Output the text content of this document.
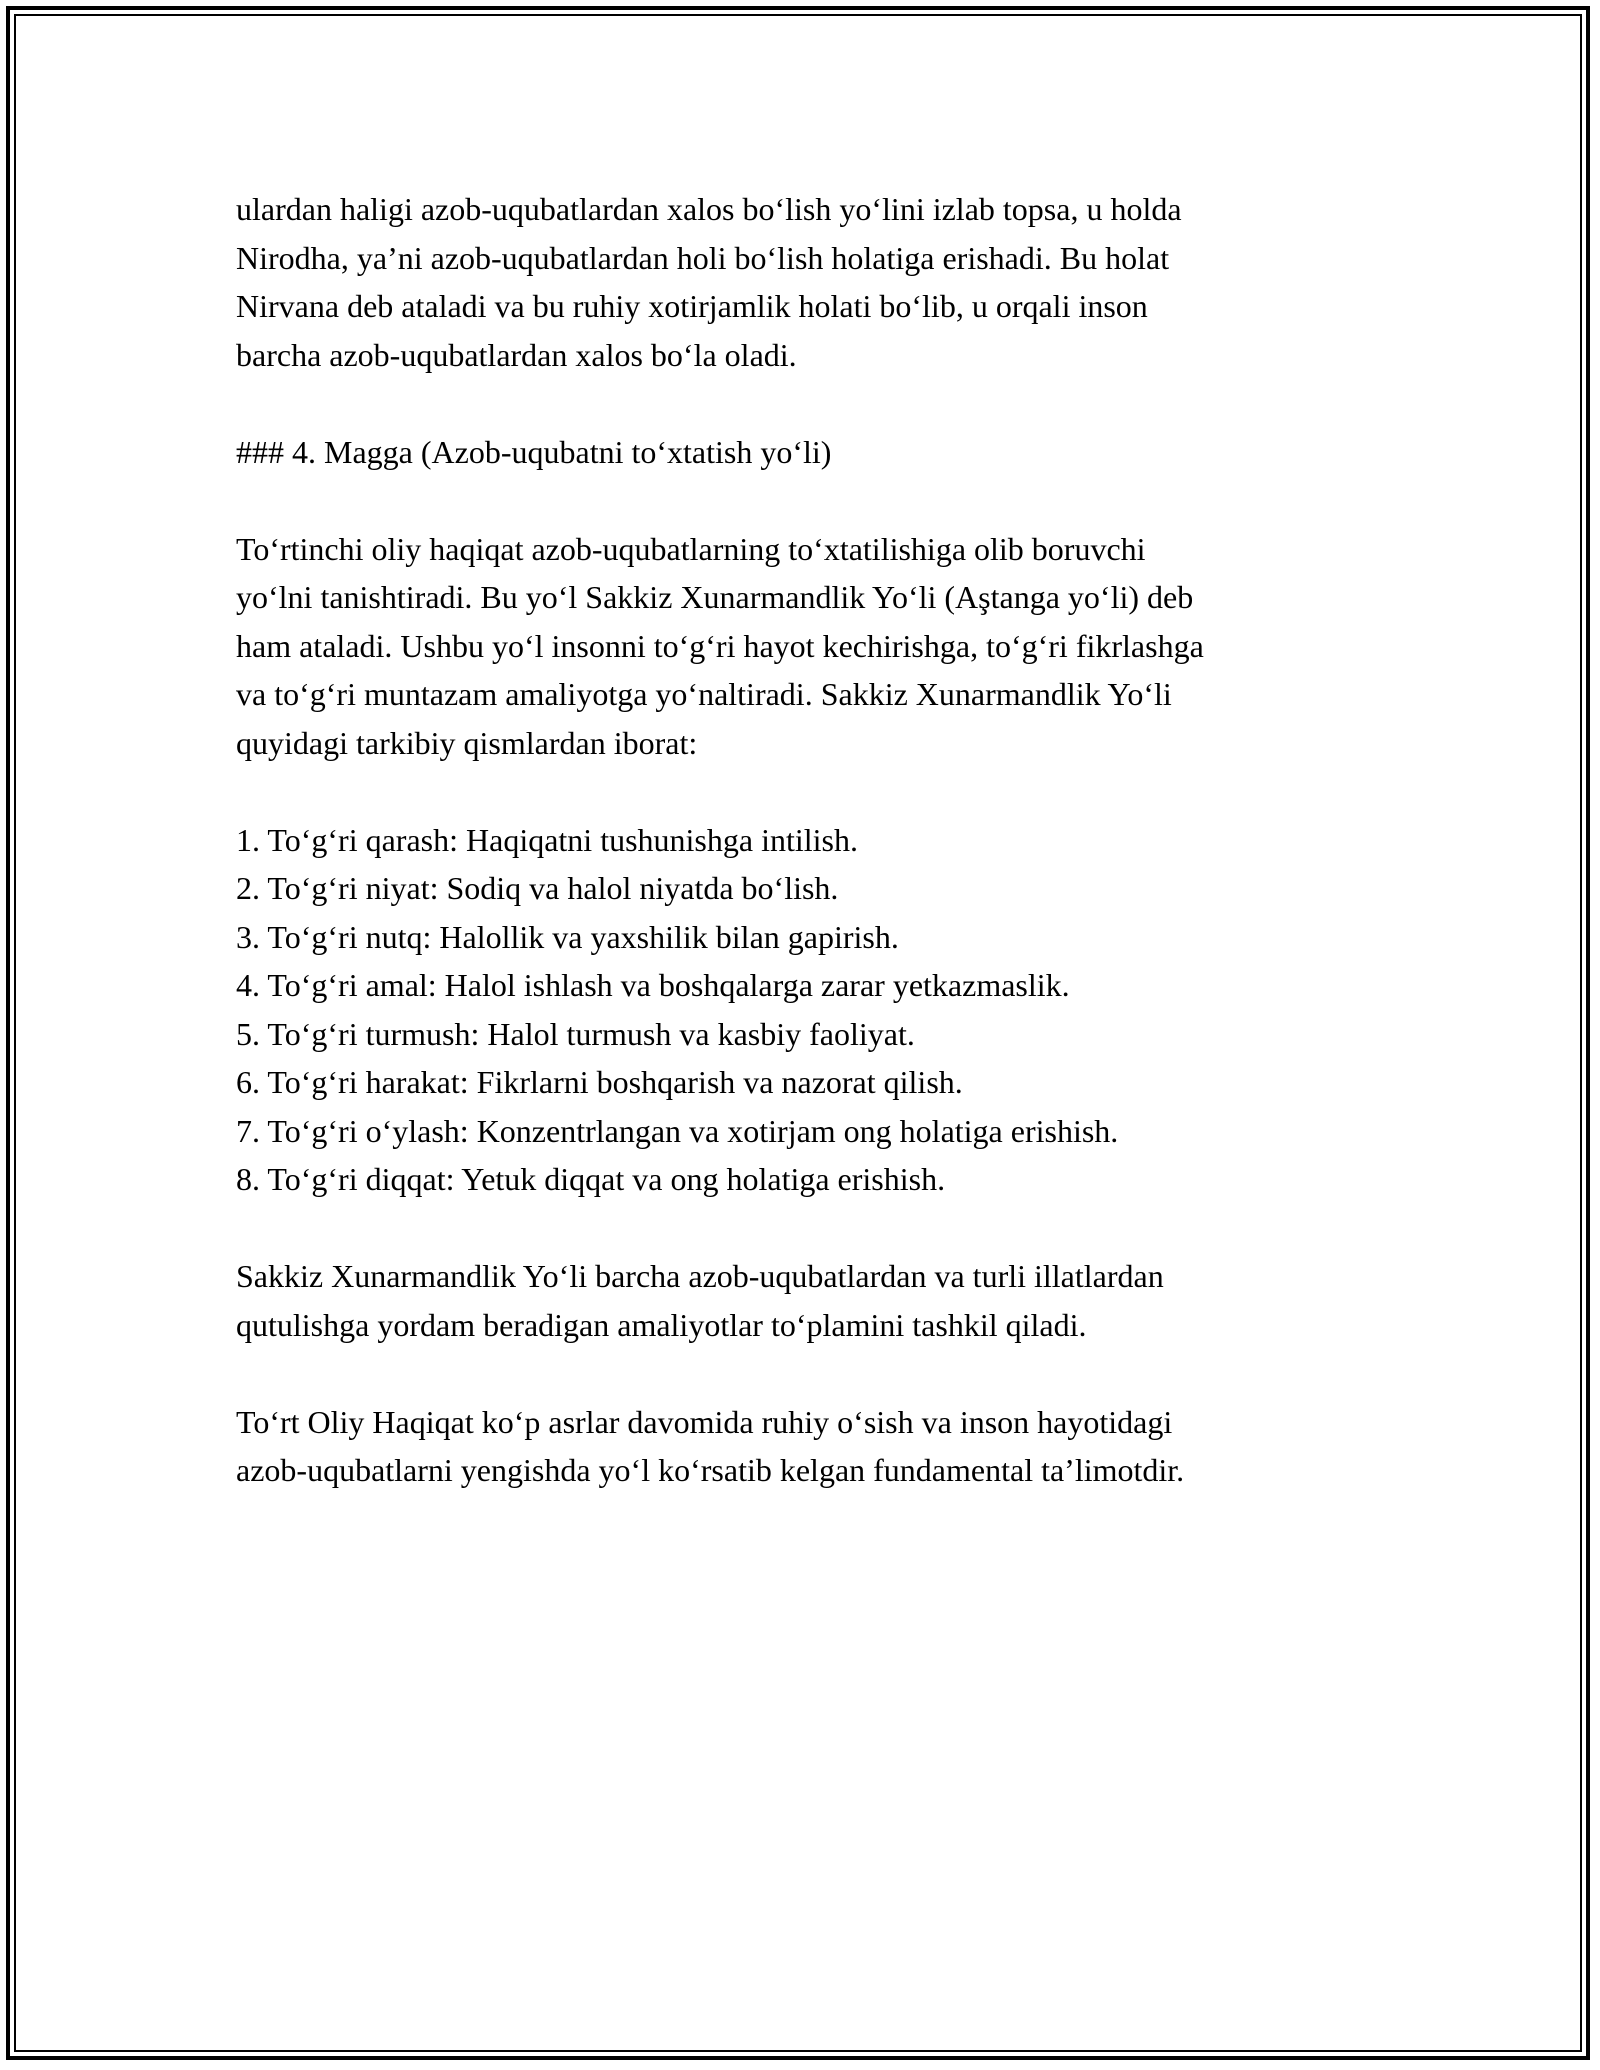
ulardan haligi azob-uqubatlardan xalos bo‘lish yo‘lini izlab topsa, u holda

Nirodha, ya’ni azob-uqubatlardan holi bo‘lish holatiga erishadi. Bu holat

Nirvana deb ataladi va bu ruhiy xotirjamlik holati bo‘lib, u orqali inson

barcha azob-uqubatlardan xalos bo‘la oladi.

### 4. Magga (Azob-uqubatni to‘xtatish yo‘li)

To‘rtinchi oliy haqiqat azob-uqubatlarning to‘xtatilishiga olib boruvchi

yo‘lni tanishtiradi. Bu yo‘l Sakkiz Xunarmandlik Yo‘li (Aştanga yo‘li) deb

ham ataladi. Ushbu yo‘l insonni to‘g‘ri hayot kechirishga, to‘g‘ri fikrlashga

va to‘g‘ri muntazam amaliyotga yo‘naltiradi. Sakkiz Xunarmandlik Yo‘li

quyidagi tarkibiy qismlardan iborat:

1. To‘g‘ri qarash: Haqiqatni tushunishga intilish.

2. To‘g‘ri niyat: Sodiq va halol niyatda bo‘lish.

3. To‘g‘ri nutq: Halollik va yaxshilik bilan gapirish.

4. To‘g‘ri amal: Halol ishlash va boshqalarga zarar yetkazmaslik.

5. To‘g‘ri turmush: Halol turmush va kasbiy faoliyat.

6. To‘g‘ri harakat: Fikrlarni boshqarish va nazorat qilish.

7. To‘g‘ri o‘ylash: Konzentrlangan va xotirjam ong holatiga erishish.

8. To‘g‘ri diqqat: Yetuk diqqat va ong holatiga erishish.

Sakkiz Xunarmandlik Yo‘li barcha azob-uqubatlardan va turli illatlardan

qutulishga yordam beradigan amaliyotlar to‘plamini tashkil qiladi.

To‘rt Oliy Haqiqat ko‘p asrlar davomida ruhiy o‘sish va inson hayotidagi

azob-uqubatlarni yengishda yo‘l ko‘rsatib kelgan fundamental ta’limotdir.
